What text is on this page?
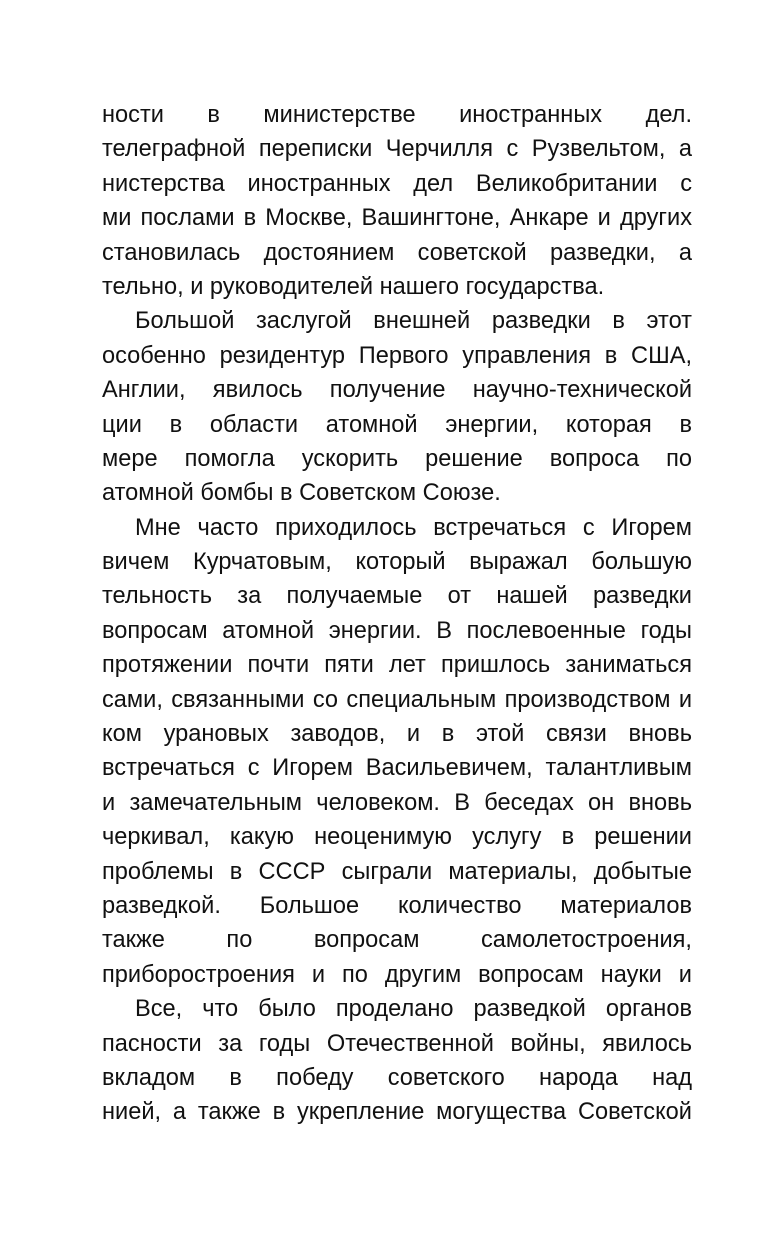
ности в министерстве иностранных дел.
телеграфной переписки Черчилля с Рузвельтом, а
нистерства иностранных дел Великобритании с
ми послами в Москве, Вашингтоне, Анкаре и других
становилась достоянием советской разведки, а
тельно, и руководителей нашего государства.

Большой заслугой внешней разведки в этот
особенно резидентур Первого управления в США,
Англии, явилось получение научно-технической
ции в области атомной энергии, которая в
мере помогла ускорить решение вопроса по
атомной бомбы в Советском Союзе.

Мне часто приходилось встречаться с Игорем
вичем Курчатовым, который выражал большую
тельность за получаемые от нашей разведки
вопросам атомной энергии. В послевоенные годы
протяжении почти пяти лет пришлось заниматься
сами, связанными со специальным производством и
ком урановых заводов, и в этой связи вновь
встречаться с Игорем Васильевичем, талантливым
и замечательным человеком. В беседах он вновь
черкивал, какую неоценимую услугу в решении
проблемы в СССР сыграли материалы, добытые
разведкой. Большое количество материалов
также по вопросам самолетостроения,
приборостроения и по другим вопросам науки и

Все, что было проделано разведкой органов
пасности за годы Отечественной войны, явилось
вкладом в победу советского народа над
нией, а также в укрепление могущества Советской
